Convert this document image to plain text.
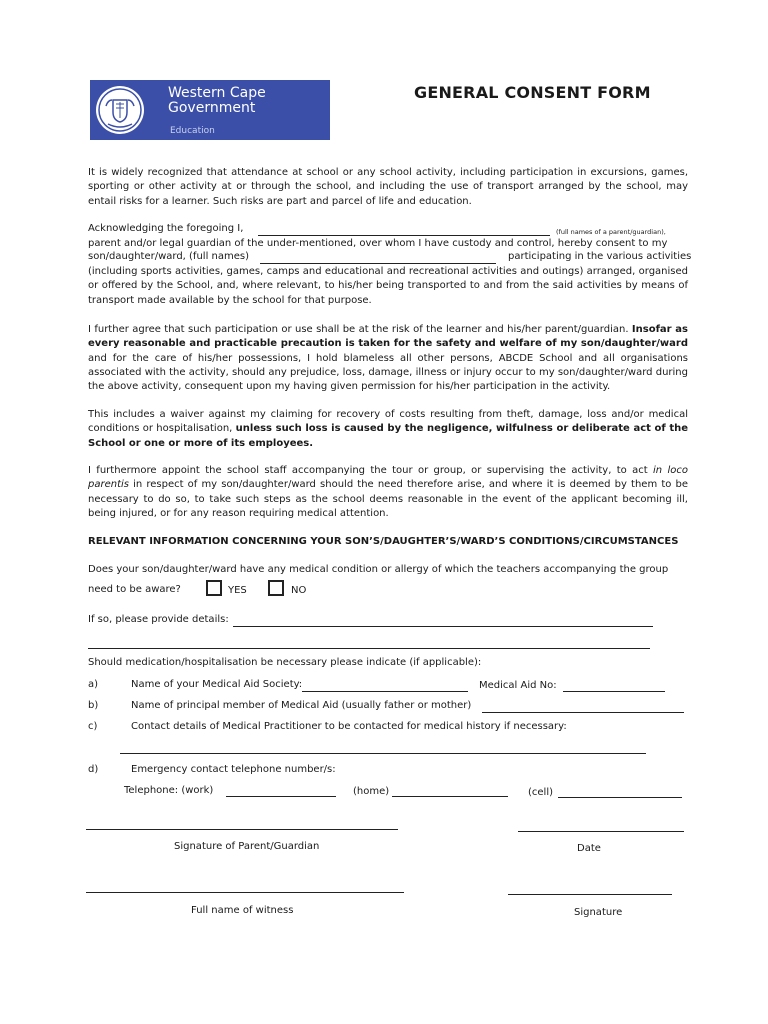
Western Cape
Government
Education
GENERAL CONSENT FORM
It is widely recognized that attendance at school or any school activity, including participation in excursions, games, sporting or other activity at or through the school, and including the use of transport arranged by the school, may entail risks for a learner. Such risks are part and parcel of life and education.
Acknowledging the foregoing I,	(full names of a parent/guardian),
parent and/or legal guardian of the under-mentioned, over whom I have custody and control, hereby consent to my
son/daughter/ward, (full names)	participating in the various activities
(including sports activities, games, camps and educational and recreational activities and outings) arranged, organised or offered by the School, and, where relevant, to his/her being transported to and from the said activities by means of transport made available by the school for that purpose.
I further agree that such participation or use shall be at the risk of the learner and his/her parent/guardian. Insofar as every reasonable and practicable precaution is taken for the safety and welfare of my son/daughter/ward and for the care of his/her possessions, I hold blameless all other persons, ABCDE School and all organisations associated with the activity, should any prejudice, loss, damage, illness or injury occur to my son/daughter/ward during the above activity, consequent upon my having given permission for his/her participation in the activity.
This includes a waiver against my claiming for recovery of costs resulting from theft, damage, loss and/or medical conditions or hospitalisation, unless such loss is caused by the negligence, wilfulness or deliberate act of the School or one or more of its employees.
I furthermore appoint the school staff accompanying the tour or group, or supervising the activity, to act in loco parentis in respect of my son/daughter/ward should the need therefore arise, and where it is deemed by them to be necessary to do so, to take such steps as the school deems reasonable in the event of the applicant becoming ill, being injured, or for any reason requiring medical attention.
RELEVANT INFORMATION CONCERNING YOUR SON’S/DAUGHTER’S/WARD’S CONDITIONS/CIRCUMSTANCES
Does your son/daughter/ward have any medical condition or allergy of which the teachers accompanying the group
need to be aware?	YES	NO
If so, please provide details:
Should medication/hospitalisation be necessary please indicate (if applicable):
a)	Name of your Medical Aid Society:	Medical Aid No:
b)	Name of principal member of Medical Aid (usually father or mother)
c)	Contact details of Medical Practitioner to be contacted for medical history if necessary:
d)	Emergency contact telephone number/s:
Telephone: (work)	(home)	(cell)
Signature of Parent/Guardian	Date
Full name of witness	Signature
